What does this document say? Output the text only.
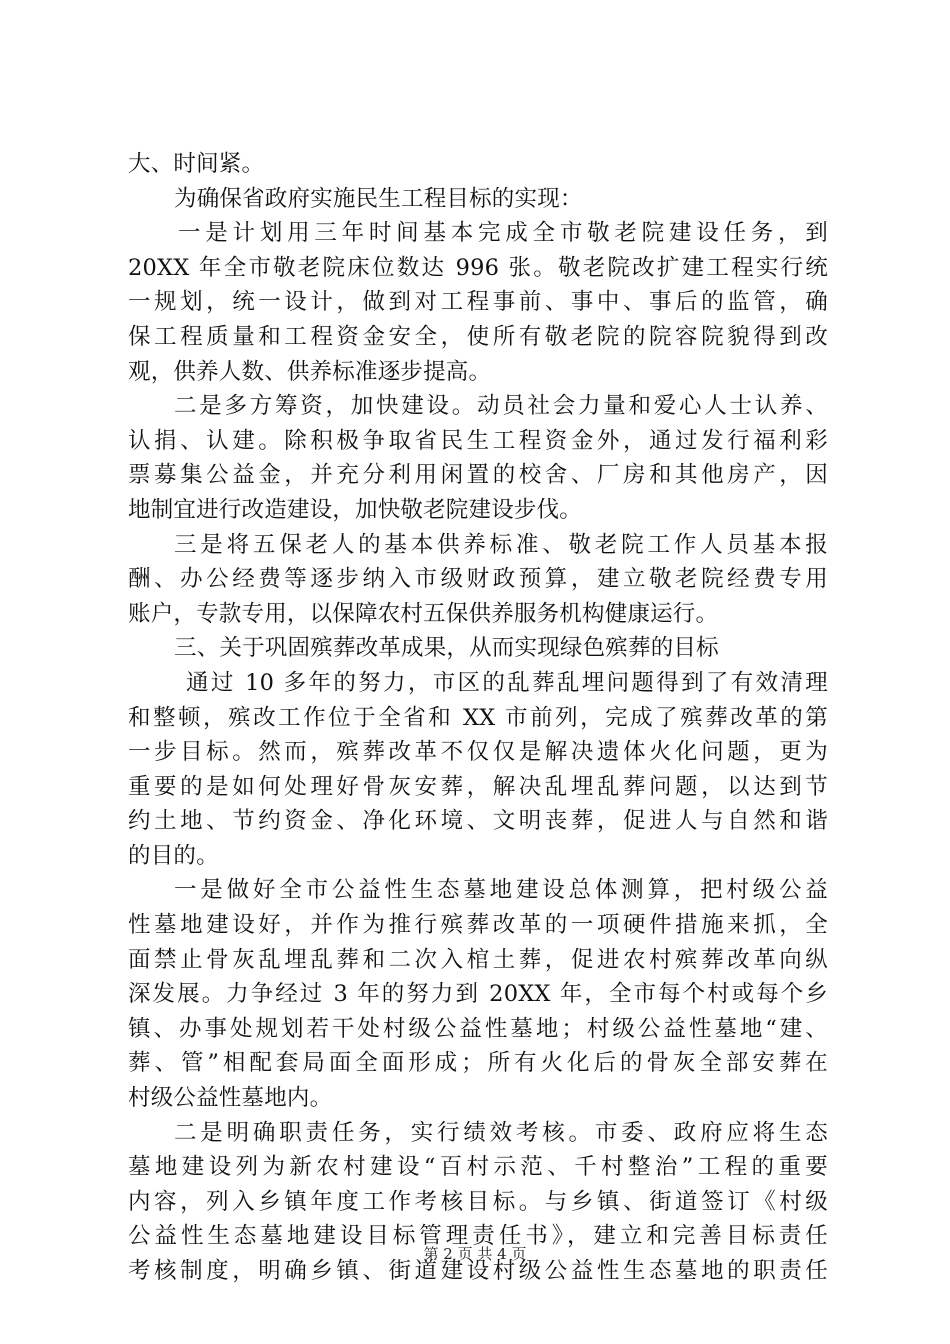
大、时间紧。
为确保省政府实施民生工程目标的实现：
一是计划用三年时间基本完成全市敬老院建设任务，到
20XX 年全市敬老院床位数达 996 张。敬老院改扩建工程实行统
一规划，统一设计，做到对工程事前、事中、事后的监管，确
保工程质量和工程资金安全，使所有敬老院的院容院貌得到改
观，供养人数、供养标准逐步提高。
二是多方筹资，加快建设。动员社会力量和爱心人士认养、
认捐、认建。除积极争取省民生工程资金外，通过发行福利彩
票募集公益金，并充分利用闲置的校舍、厂房和其他房产，因
地制宜进行改造建设，加快敬老院建设步伐。
三是将五保老人的基本供养标准、敬老院工作人员基本报
酬、办公经费等逐步纳入市级财政预算，建立敬老院经费专用
账户，专款专用，以保障农村五保供养服务机构健康运行。
三、关于巩固殡葬改革成果，从而实现绿色殡葬的目标
通过 10 多年的努力，市区的乱葬乱埋问题得到了有效清理
和整顿，殡改工作位于全省和 XX 市前列，完成了殡葬改革的第
一步目标。然而，殡葬改革不仅仅是解决遗体火化问题，更为
重要的是如何处理好骨灰安葬，解决乱埋乱葬问题，以达到节
约土地、节约资金、净化环境、文明丧葬，促进人与自然和谐
的目的。
一是做好全市公益性生态墓地建设总体测算，把村级公益
性墓地建设好，并作为推行殡葬改革的一项硬件措施来抓，全
面禁止骨灰乱埋乱葬和二次入棺土葬，促进农村殡葬改革向纵
深发展。力争经过 3 年的努力到 20XX 年，全市每个村或每个乡
镇、办事处规划若干处村级公益性墓地；村级公益性墓地“建、
葬、管”相配套局面全面形成；所有火化后的骨灰全部安葬在
村级公益性墓地内。
二是明确职责任务，实行绩效考核。市委、政府应将生态
墓地建设列为新农村建设“百村示范、千村整治”工程的重要
内容，列入乡镇年度工作考核目标。与乡镇、街道签订《村级
公益性生态墓地建设目标管理责任书》，建立和完善目标责任
考核制度，明确乡镇、街道建设村级公益性生态墓地的职责任
第 2 页 共 4 页
